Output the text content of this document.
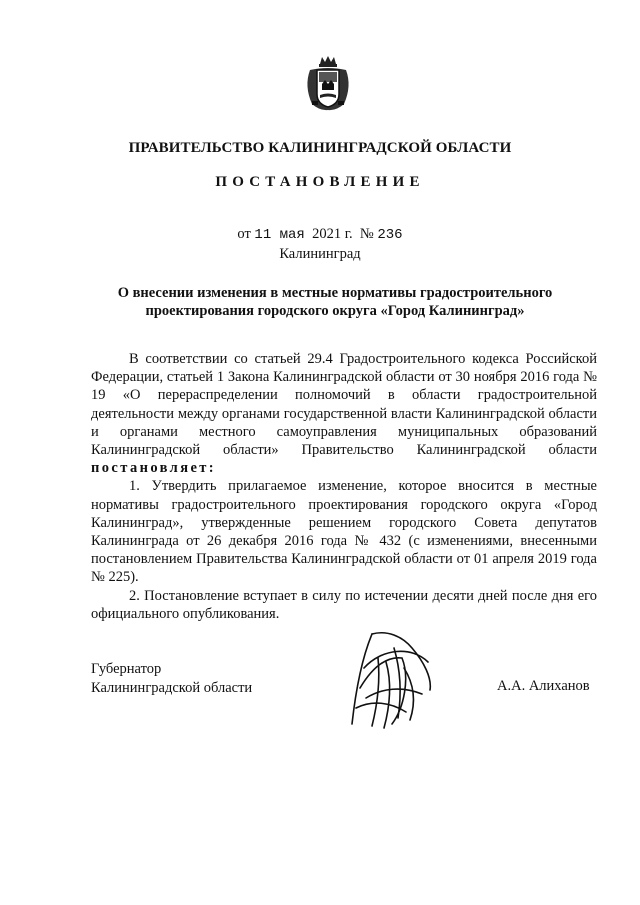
ПРАВИТЕЛЬСТВО КАЛИНИНГРАДСКОЙ ОБЛАСТИ
ПОСТАНОВЛЕНИЕ
от 11 мая 2021 г. № 236
Калининград
О внесении изменения в местные нормативы градостроительного
проектирования городского округа «Город Калининград»

В соответствии со статьей 29.4 Градостроительного кодекса Российской Федерации, статьей 1 Закона Калининградской области от 30 ноября 2016 года № 19 «О перераспределении полномочий в области градостроительной деятельности между органами государственной власти Калининградской области и органами местного самоуправления муниципальных образований Калининградской области» Правительство Калининградской области постановляет:

1. Утвердить прилагаемое изменение, которое вносится в местные нормативы градостроительного проектирования городского округа «Город Калининград», утвержденные решением городского Совета депутатов Калининграда от 26 декабря 2016 года № 432 (с изменениями, внесенными постановлением Правительства Калининградской области от 01 апреля 2019 года № 225).

2. Постановление вступает в силу по истечении десяти дней после дня его официального опубликования.

Губернатор
Калининградской области	А.А. Алиханов
